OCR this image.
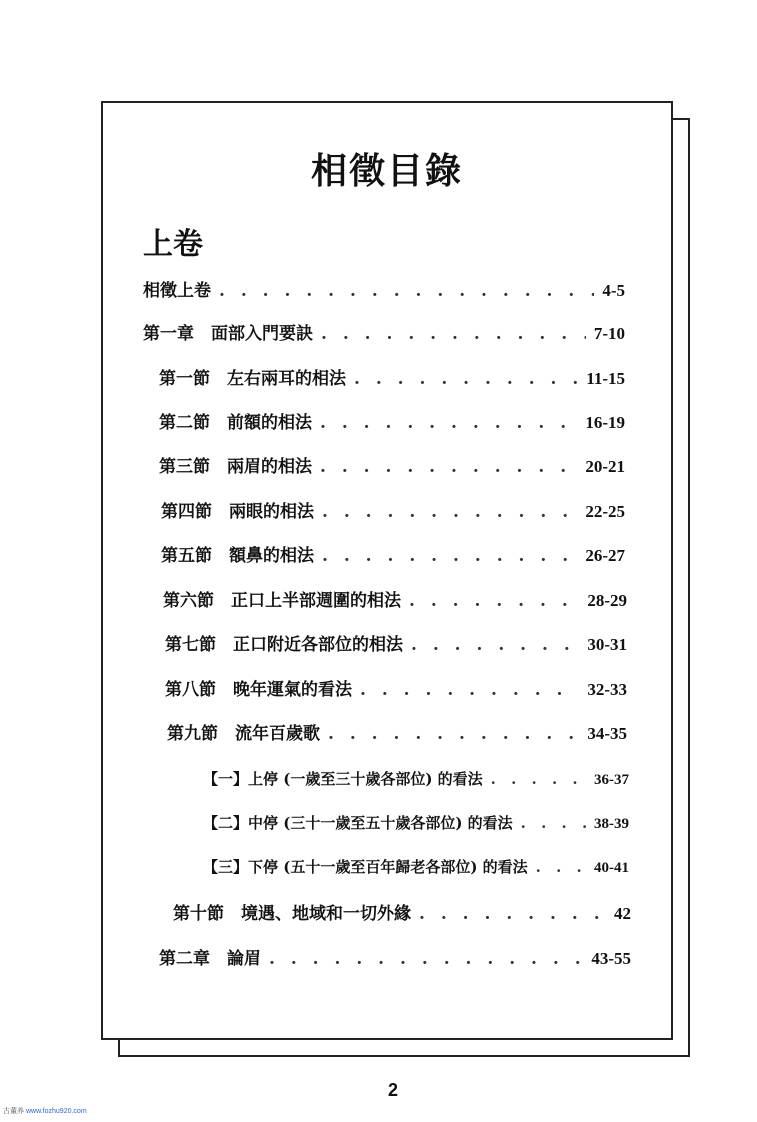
相徵目錄
上卷
相徵上卷 . . .	4-5
第一章　面部入門要訣 . . .	7-10
第一節　左右兩耳的相法 . . .	11-15
第二節　前額的相法 . . .	16-19
第三節　兩眉的相法 . . .	20-21
第四節　兩眼的相法 . . .	22-25
第五節　額鼻的相法 . . .	26-27
第六節　正口上半部週圍的相法 . . .	28-29
第七節　正口附近各部位的相法 . . .	30-31
第八節　晚年運氣的看法 . . .	32-33
第九節　流年百歲歌 . . .	34-35
【一】上停 (一歲至三十歲各部位) 的看法 . . .	36-37
【二】中停 (三十一歲至五十歲各部位) 的看法 . . .	38-39
【三】下停 (五十一歲至百年歸老各部位) 的看法 . . .	40-41
第十節　境遇、地域和一切外緣 . . .	42
第二章　論眉 . . .	43-55
2
古董养 www.fozhu920.com
